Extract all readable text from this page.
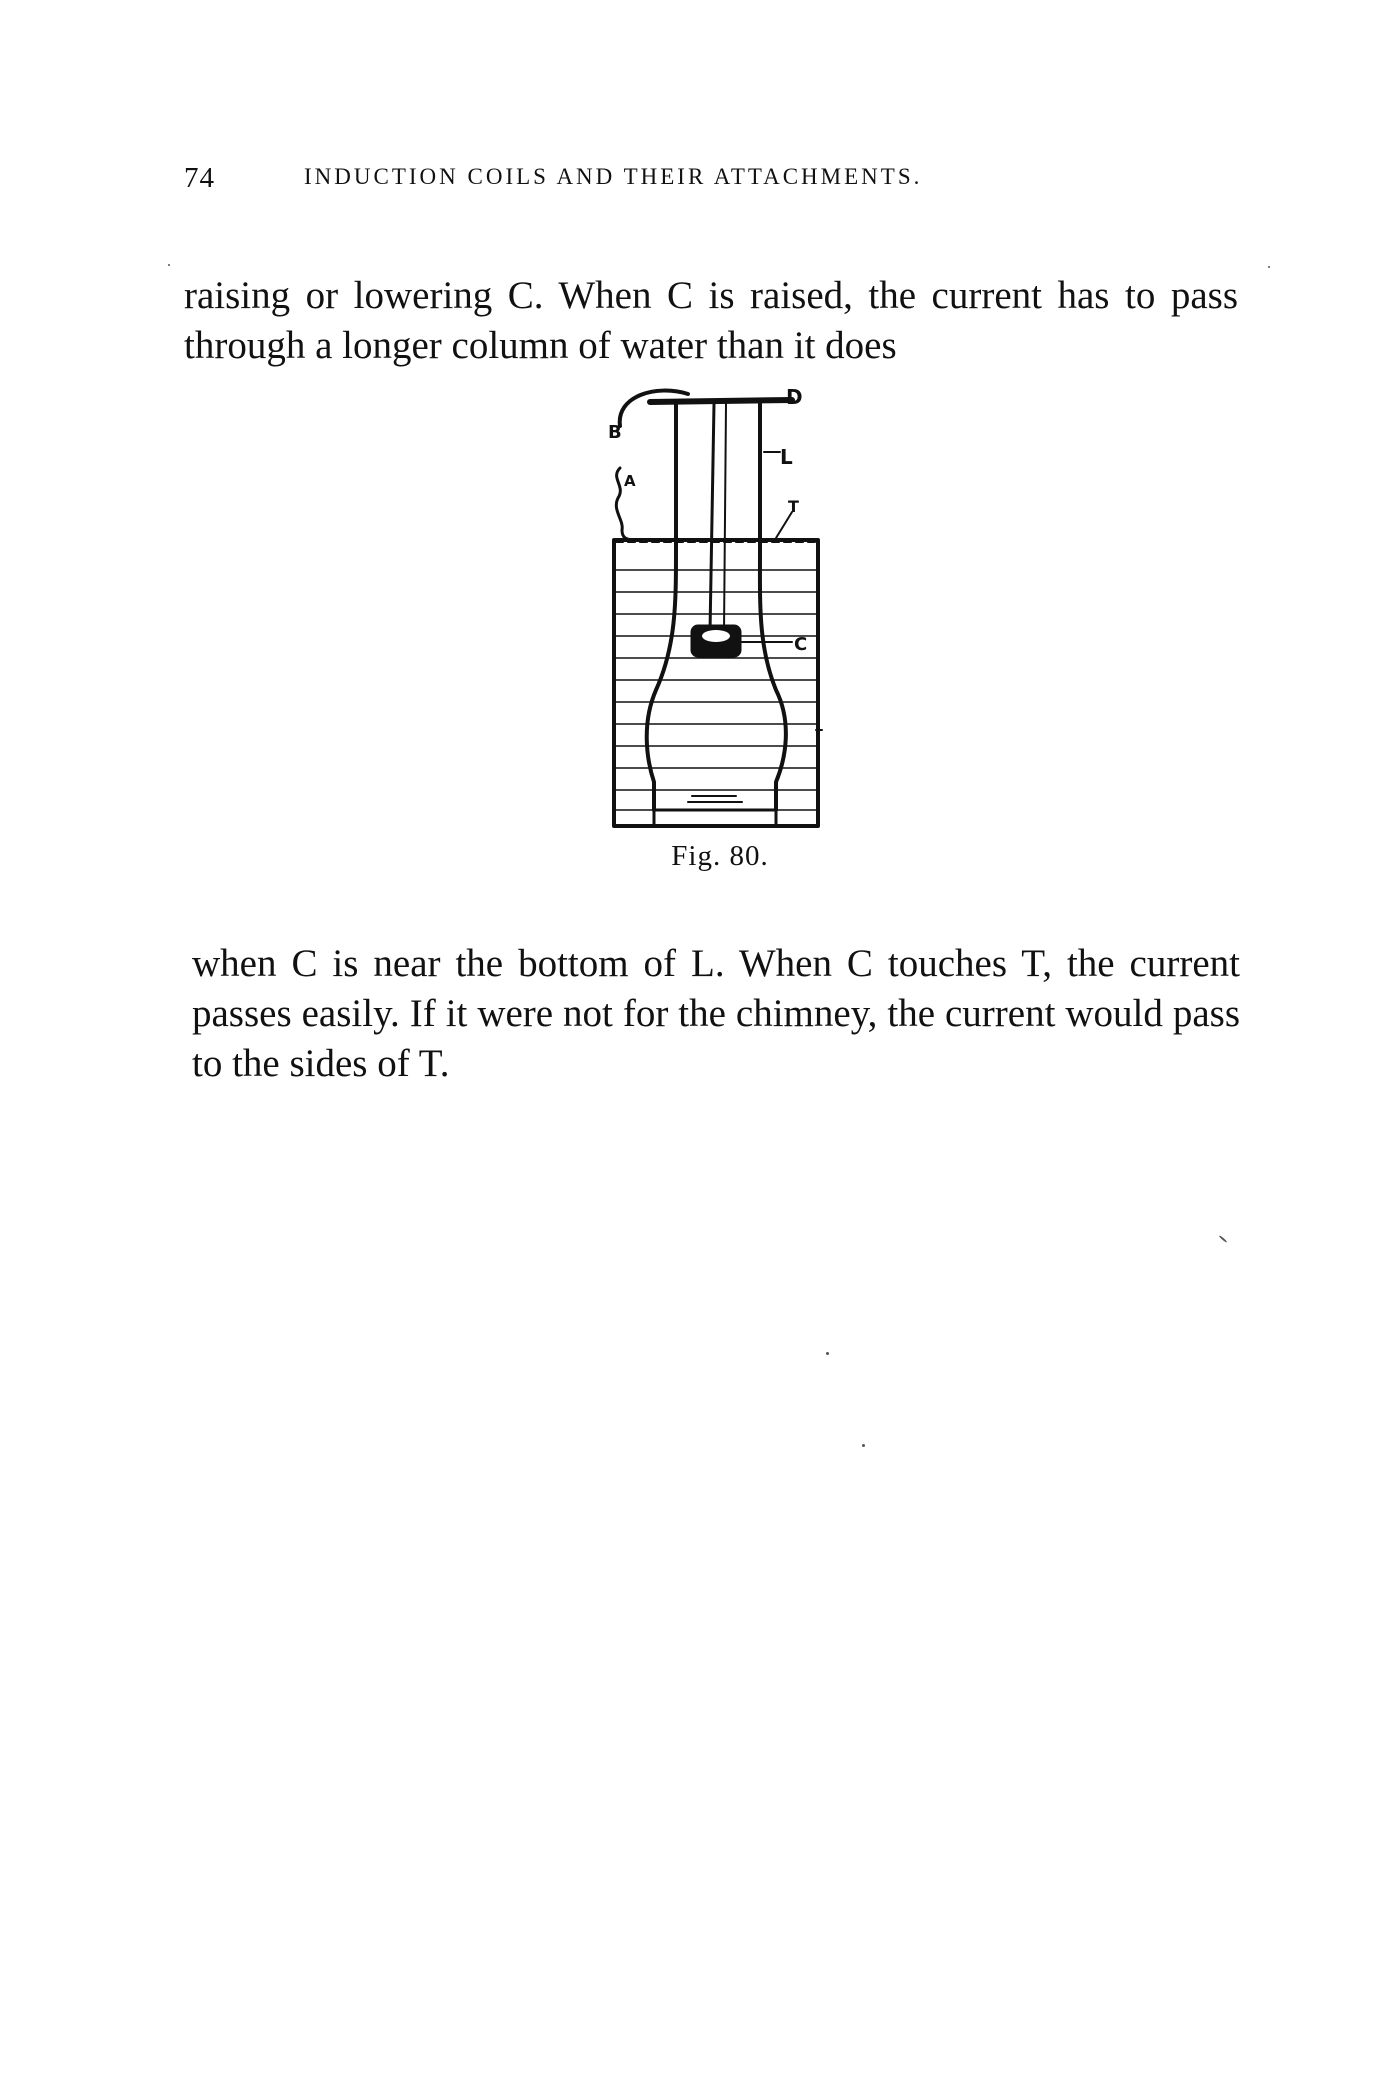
74	INDUCTION COILS AND THEIR ATTACHMENTS.

raising or lowering C. When C is raised, the current has to pass through a longer column of water than it does

B
A
D
L
T
C
Fig. 80.

when C is near the bottom of L. When C touches T, the current passes easily. If it were not for the chimney, the current would pass to the sides of T.
